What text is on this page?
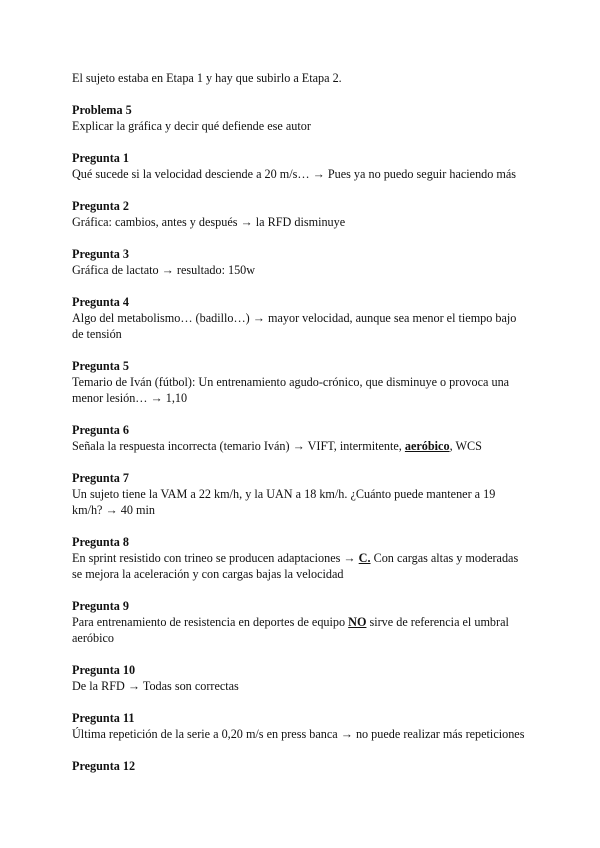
El sujeto estaba en Etapa 1 y hay que subirlo a Etapa 2.

Problema 5
Explicar la gráfica y decir qué defiende ese autor
Pregunta 1
Qué sucede si la velocidad desciende a 20 m/s… → Pues ya no puedo seguir haciendo más
Pregunta 2
Gráfica: cambios, antes y después → la RFD disminuye
Pregunta 3
Gráfica de lactato → resultado: 150w
Pregunta 4
Algo del metabolismo… (badillo…) → mayor velocidad, aunque sea menor el tiempo bajo de tensión
Pregunta 5
Temario de Iván (fútbol): Un entrenamiento agudo-crónico, que disminuye o provoca una menor lesión… → 1,10
Pregunta 6
Señala la respuesta incorrecta (temario Iván) → VIFT, intermitente, aeróbico, WCS
Pregunta 7
Un sujeto tiene la VAM a 22 km/h, y la UAN a 18 km/h. ¿Cuánto puede mantener a 19 km/h? → 40 min
Pregunta 8
En sprint resistido con trineo se producen adaptaciones → C. Con cargas altas y moderadas se mejora la aceleración y con cargas bajas la velocidad
Pregunta 9
Para entrenamiento de resistencia en deportes de equipo NO sirve de referencia el umbral aeróbico
Pregunta 10
De la RFD → Todas son correctas
Pregunta 11
Última repetición de la serie a 0,20 m/s en press banca → no puede realizar más repeticiones
Pregunta 12
